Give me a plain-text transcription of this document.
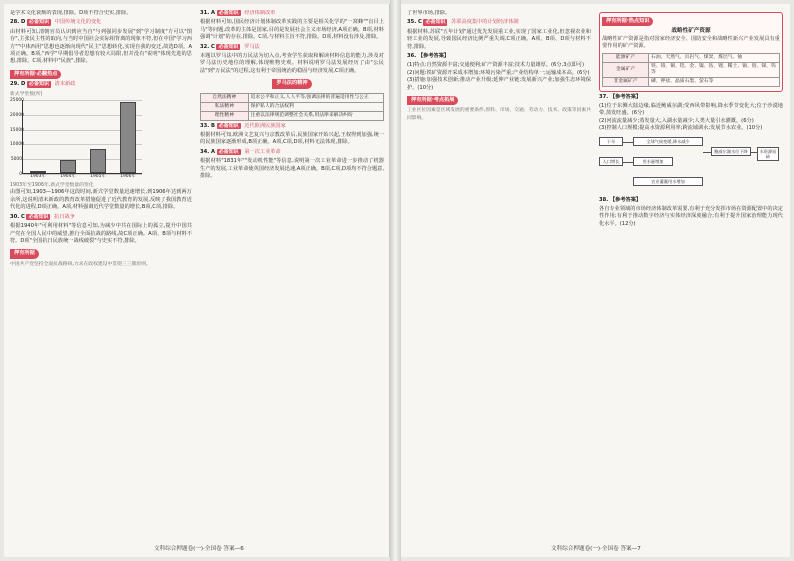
是学术文化衰颓的表现,排除。D项不符合史实,排除。

28. D 必备知识 中国传统文化的变化

由材料可知,清朝官员认识到应当自"与列强同步发展"到"学习制度"方可以"图存",主张民主性的取向,与当时中国社会实际相背离的现象不符,但在中国"学习西方""中体西用"思想也逐渐向现代"民主"思想转化,实现自我的变迁,故选D项。A项正确。B项,"西学"早期倡导者思想有较大局限,但并没有"说明"体现先进的思想,排除。C项,材料中"民族",排除。

押有所据·必翻热点

29. D 必备知识 清末新政

新式学堂数(所)
25000
20000
15000
10000
5000
0	1903年	1904年	1905年	1906年
1903年至1906年,新式学堂数量的变化

由图可知,1903—1906年这段时间,新式学堂数量迅速增长,到1906年达到两万余所,这说明清末新政的教育改革措施促进了近代教育的发展,反映了我国教育近代化的进程,D项正确。A项,材料强调近代学堂数量的增长,B项,C项,排除。

30. C 必备知识 抗日战争

根据1940年"可利用材料"等信息可知,为减少中共在国际上的孤立,提升中国共产党在全国人民中的威望,推行全面抗战的路线,故C项正确。A项、B项与材料不符。D项"全国抗日民族统一战线破裂"与史实不符,排除。

押有所据

中国共产党坚持全面抗战路线,力求在政权建设中贯彻三三制原则。

31. A 必备知识 经济体制改革

根据材料可知,国民经济计划体制改革实践的主要是相关化学的"一窝蜂""盲目上马"等问题,改革的主体是国家,目的是发展社会主义市场经济,A项正确。B项,材料强调"计划"的存在,排除。C项,与材料主旨不符,排除。D项,材料没有涉及,排除。

32. C 必备知识 罗马法

本题以罗马法中的万民法为切入点,考查学生获取和解读材料信息的能力,涉及对罗马法历史地位的理解,体现唯物史观。材料说明罗马法发展经历了由"公民法"到"万民法"的过程,这有利于帝国统治的稳固与经济发展,C项正确。

罗马法的精神
自然法精神	追求公平和正义,人人平等,强调法律的普遍适用性与公正
私法精神	保护私人的合法权利
理性精神	注重以法律规范调整社会关系,用法律来解决纠纷

33. B 必备知识 近代欧洲民族国家

根据材料可知,欧洲文艺复兴与宗教改革后,民族国家开始兴起,王权得到加强,统一的民族国家逐渐形成,B项正确。A项,C项,D项,材料无法体现,排除。

34. A 必备知识 第一次工业革命

根据材料"1831年""发动机性能"等信息,说明第一次工业革命进一步推动了机器生产的发展,工业革命使英国经济发展迅速,A项正确。B项,C项,D项均不符合题意,排除。

文科综合押题卷(一)·全国卷 答案—6

了世界市场,排除。

35. C 必备知识 苏联高度集中的计划经济体制

根据材料,苏联"五年计划"通过优先发展重工业,实现了国家工业化,但忽视农业和轻工业的发展,导致国民经济比例严重失调,C项正确。A项、B项、D项与材料不符,排除。

36. 【参考答案】

(1)特点:自然资源丰富;交通便利;矿产资源丰富;技术力量雄厚。(6分,3点即可)
(2)问题:铁矿资源开采成本增加;环境污染严重;产业结构单一;运输成本高。(6分)
(3)措施:加强技术创新;推动产业升级;延伸产业链;发展新兴产业;加强生态环境保护。(10分)

押有所据·考点拓展

工业区位因素是区域发展的重要条件,原料、市场、交通、劳动力、技术、政策等因素共同影响。

押有所据·热点知识
战略性矿产资源

战略性矿产资源是指对国家经济安全、国防安全和战略性新兴产业发展具有重要作用的矿产资源。

能源矿产	石油、天然气、页岩气、煤炭、煤层气、铀
金属矿产	铁、铬、铜、铝、金、镍、钴、锂、稀土、锡、钼、锑、钨等
非金属矿产	磷、钾盐、晶质石墨、萤石等

37. 【参考答案】

(1)位于东侧大陆边缘,临近鲍威尔湖;受西风带影响,降水季节变化大;位于沙漠地带,蒸发旺盛。(6分)
(2)河流流量减少;蒸发量大,入湖水量减少;人类大量引水灌溉。(6分)
(3)控制人口规模;提高水资源利用率;跨流域调水;发展节水农业。(10分)

干旱	全球气候变暖,降水减少
人口增长	用水量增加
鲍威尔湖水位下降	水资源短缺
农业灌溉用水增加

38. 【参考答案】

各自专业领域的市场经济体制改革需要,有利于充分发挥市场在资源配置中的决定性作用;有利于推动数字经济与实体经济深度融合;有利于提升国家治理能力现代化水平。(12分)

文科综合押题卷(一)·全国卷 答案—7
